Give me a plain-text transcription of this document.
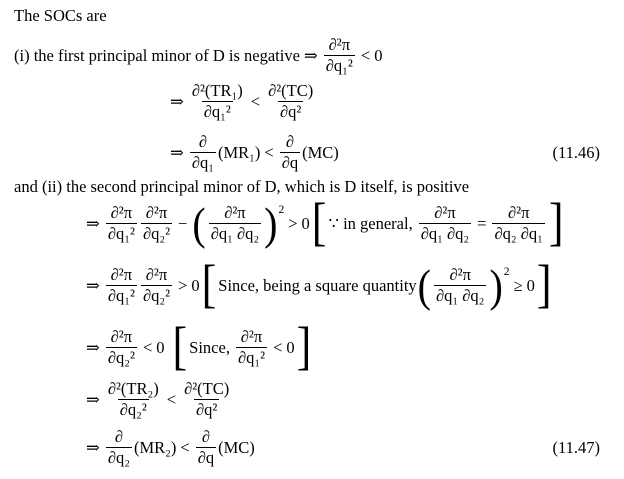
The SOCs are
(i) the first principal minor of D is negative ⇒ $\frac{\text{∂²π}}{\text{∂q₁²}} < 0$
⇒ $\frac{\text{∂²(TR₁)}}{\text{∂q₁²}} < \frac{\text{∂²(TC)}}{\text{∂q²}}$
⇒ $\frac{\partial}{\text{∂q₁}} (MR_1) < \frac{\partial}{\partial q} (MC)$	(11.46)
and (ii) the second principal minor of D, which is D itself, is positive
⇒ $\frac{\text{∂²π}}{\text{∂q₁²}} \frac{\text{∂²π}}{\text{∂q₂²}}$ − ( $\frac{\text{∂²π}}{\text{∂q₁ ∂q₂}} )^2$
> 0 [ ∵ in general, $\frac{\text{∂²π}}{\text{∂q₁ ∂q₂}} = \frac{\text{∂²π}}{\text{∂q₂ ∂q₁}}$ ]
⇒ $\frac{\text{∂²π}}{\text{∂q₁²}} \frac{\text{∂²π}}{\text{∂q₂²}} > 0$ [ Since, being a square quantity ( $\frac{\text{∂²π}}{\text{∂q₁ ∂q₂}} )^2$
≥ 0 ]
⇒ $\frac{\text{∂²π}}{\text{∂q₂²}} < 0$ [ Since, $\frac{\text{∂²π}}{\text{∂q₁²}} < 0$ ]
⇒ $\frac{\text{∂²(TR₂)}}{\text{∂q₂²}} < \frac{\text{∂²(TC)}}{\text{∂q²}}$
⇒ $\frac{\partial}{\text{∂q₂}} (MR_2) < \frac{\partial}{\partial q} (MC)$	(11.47)
